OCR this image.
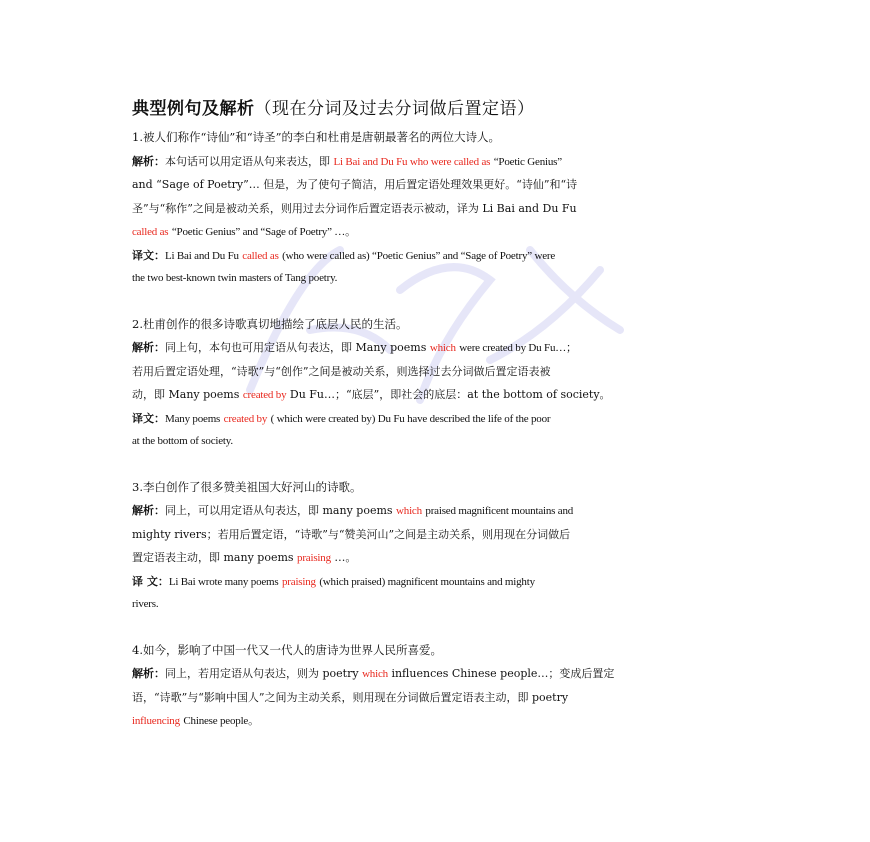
典型例句及解析（现在分词及过去分词做后置定语）
1.被人们称作“诗仙”和“诗圣”的李白和杜甫是唐朝最著名的两位大诗人。
解析：本句话可以用定语从句来表达，即 Li Bai and Du Fu who were called as “Poetic Genius”
and “Sage of Poetry”… 但是，为了使句子简洁，用后置定语处理效果更好。“诗仙”和“诗
圣”与“称作”之间是被动关系，则用过去分词作后置定语表示被动，译为 Li Bai and Du Fu
called as “Poetic Genius” and “Sage of Poetry” …。
译文：Li Bai and Du Fu called as (who were called as) “Poetic Genius” and “Sage of Poetry” were
the two best-known twin masters of Tang poetry.
2.杜甫创作的很多诗歌真切地描绘了底层人民的生活。
解析：同上句，本句也可用定语从句表达，即 Many poems which were created by Du Fu…；
若用后置定语处理，“诗歌”与“创作”之间是被动关系，则选择过去分词做后置定语表被
动，即 Many poems created by Du Fu…；“底层”，即社会的底层：at the bottom of society。
译文：Many poems created by ( which were created by) Du Fu have described the life of the poor
at the bottom of society.
3.李白创作了很多赞美祖国大好河山的诗歌。
解析：同上，可以用定语从句表达，即 many poems which praised magnificent mountains and
mighty rivers；若用后置定语，“诗歌”与“赞美河山”之间是主动关系，则用现在分词做后
置定语表主动，即 many poems praising …。
译 文：Li Bai wrote many poems praising (which praised) magnificent mountains and mighty
rivers.
4.如今，影响了中国一代又一代人的唐诗为世界人民所喜爱。
解析：同上，若用定语从句表达，则为 poetry which influences Chinese people…；变成后置定
语，“诗歌”与“影响中国人”之间为主动关系，则用现在分词做后置定语表主动，即 poetry
influencing Chinese people。
